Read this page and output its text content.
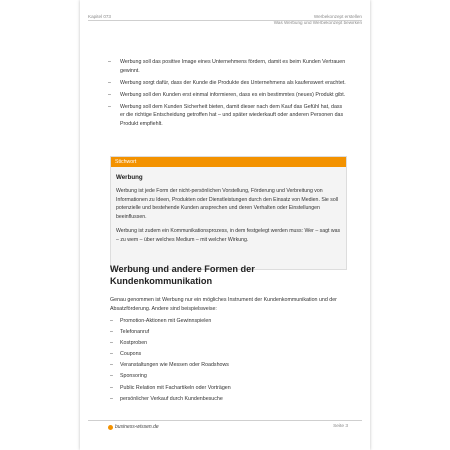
Kapitel 073	Werbekonzept erstellen
Was Werbung und Werbekonzept bewirken
– Werbung soll das positive Image eines Unternehmens fördern, damit es beim Kunden Vertrauen gewinnt.
– Werbung sorgt dafür, dass der Kunde die Produkte des Unternehmens als kaufenswert erachtet.
– Werbung soll den Kunden erst einmal informieren, dass es ein bestimmtes (neues) Produkt gibt.
– Werbung soll dem Kunden Sicherheit bieten, damit dieser nach dem Kauf das Gefühl hat, dass er die richtige Entscheidung getroffen hat – und später wiederkauft oder anderen Personen das Produkt empfiehlt.
Stichwort
Werbung

Werbung ist jede Form der nicht-persönlichen Vorstellung, Förderung und Verbreitung von Informationen zu Ideen, Produkten oder Dienstleistungen durch den Einsatz von Medien. Sie soll potenzielle und bestehende Kunden ansprechen und deren Verhalten oder Einstellungen beeinflussen.

Werbung ist zudem ein Kommunikationsprozess, in dem festgelegt werden muss: Wer – sagt was – zu wem – über welches Medium – mit welcher Wirkung.

Werbung und andere Formen der Kundenkommunikation

Genau genommen ist Werbung nur ein mögliches Instrument der Kundenkommunikation und der Absatzförderung. Andere sind beispielsweise:

– Promotion-Aktionen mit Gewinnspielen
– Telefonanruf
– Kostproben
– Coupons
– Veranstaltungen wie Messen oder Roadshows
– Sponsoring
– Public Relation mit Fachartikeln oder Vorträgen
– persönlicher Verkauf durch Kundenbesuche
business-wissen.de	Seite 3
